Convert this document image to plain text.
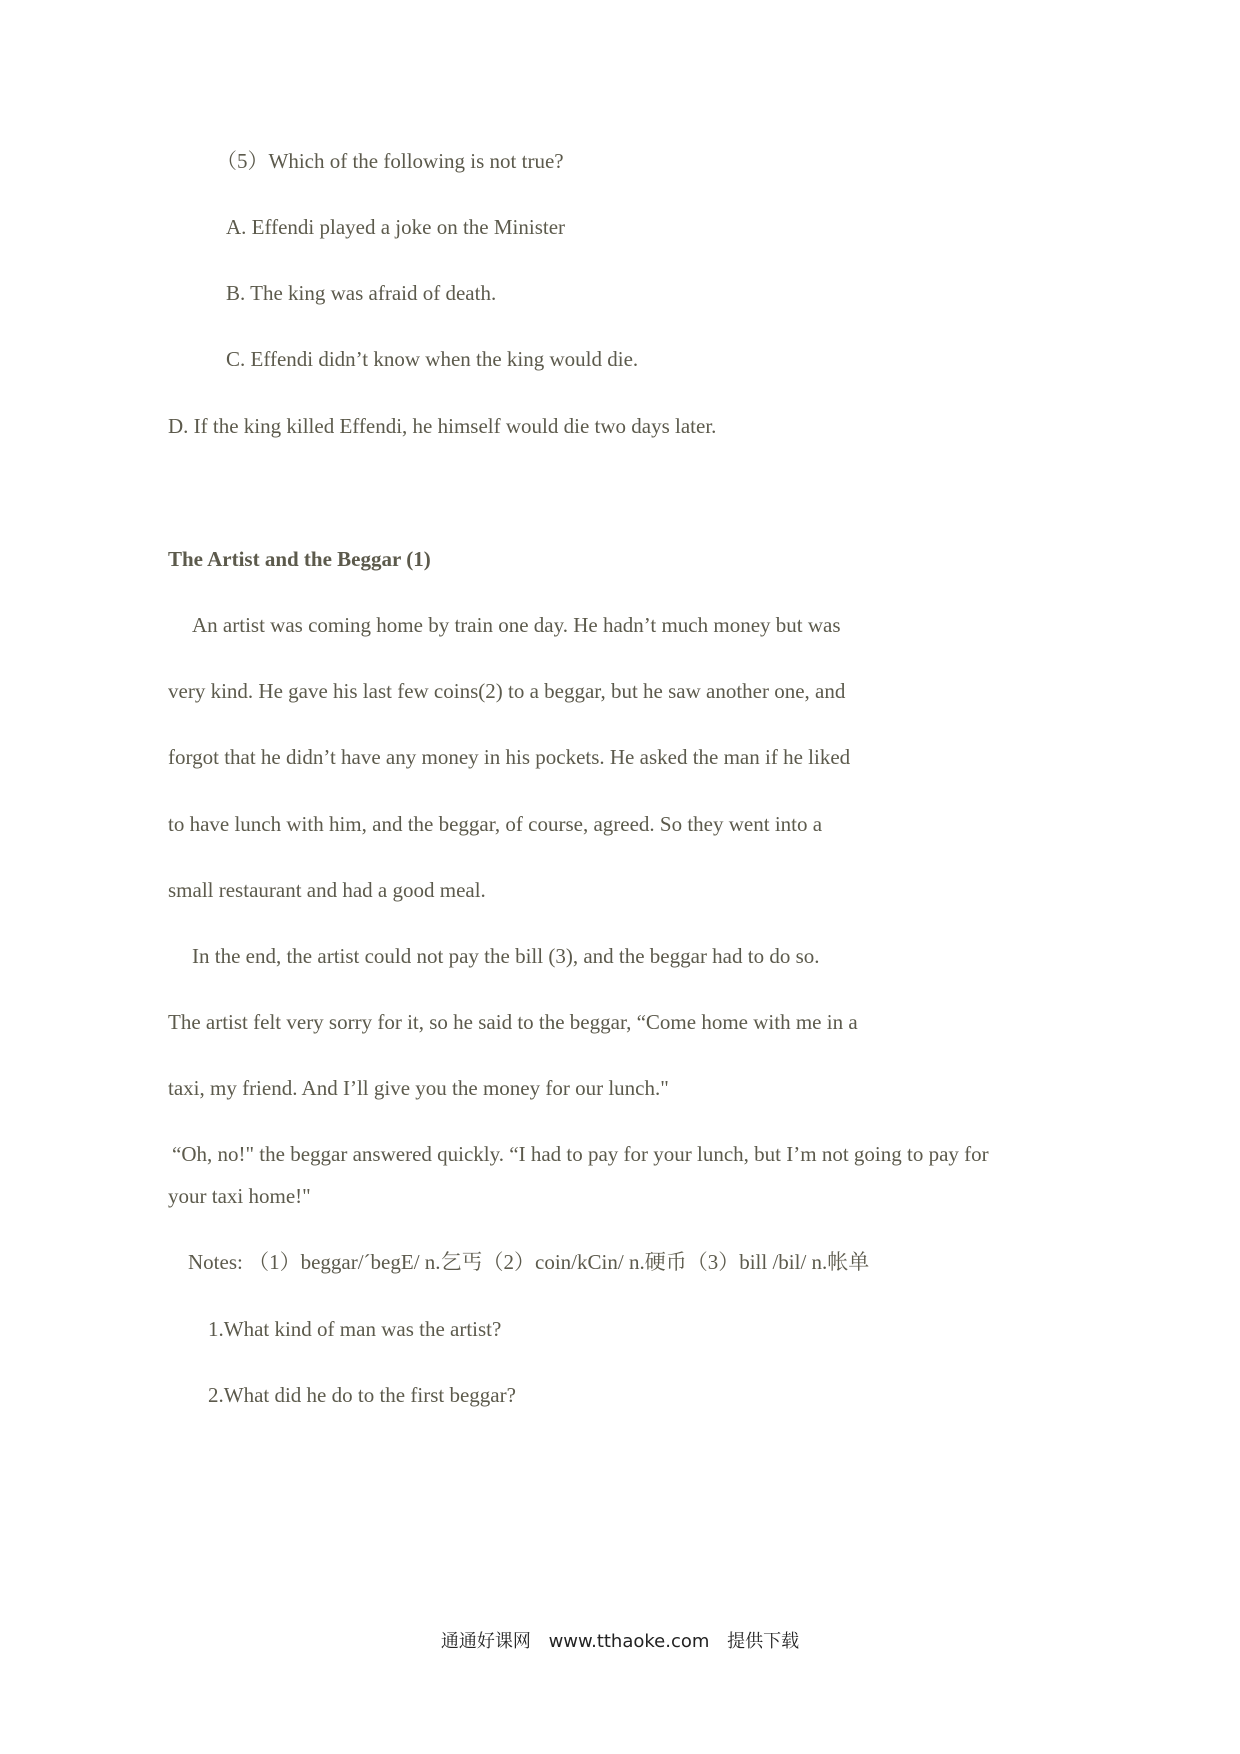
（5）Which of the following is not true?
A. Effendi played a joke on the Minister
B. The king was afraid of death.
C. Effendi didn’t know when the king would die.
D. If the king killed Effendi, he himself would die two days later.
The Artist and the Beggar (1)
An artist was coming home by train one day. He hadn’t much money but was
very kind. He gave his last few coins(2) to a beggar, but he saw another one, and
forgot that he didn’t have any money in his pockets. He asked the man if he liked
to have lunch with him, and the beggar, of course, agreed. So they went into a
small restaurant and had a good meal.
In the end, the artist could not pay the bill (3), and the beggar had to do so.
The artist felt very sorry for it, so he said to the beggar, “Come home with me in a
taxi, my friend. And I’ll give you the money for our lunch."
“Oh, no!" the beggar answered quickly. “I had to pay for your lunch, but I’m not going to pay for
your taxi home!"
Notes: （1）beggar/ˊbegE/ n.乞丐（2）coin/kCin/ n.硬币（3）bill /bil/ n.帐单
1.What kind of man was the artist?
2.What did he do to the first beggar?
通通好课网 www.tthaoke.com 提供下载
